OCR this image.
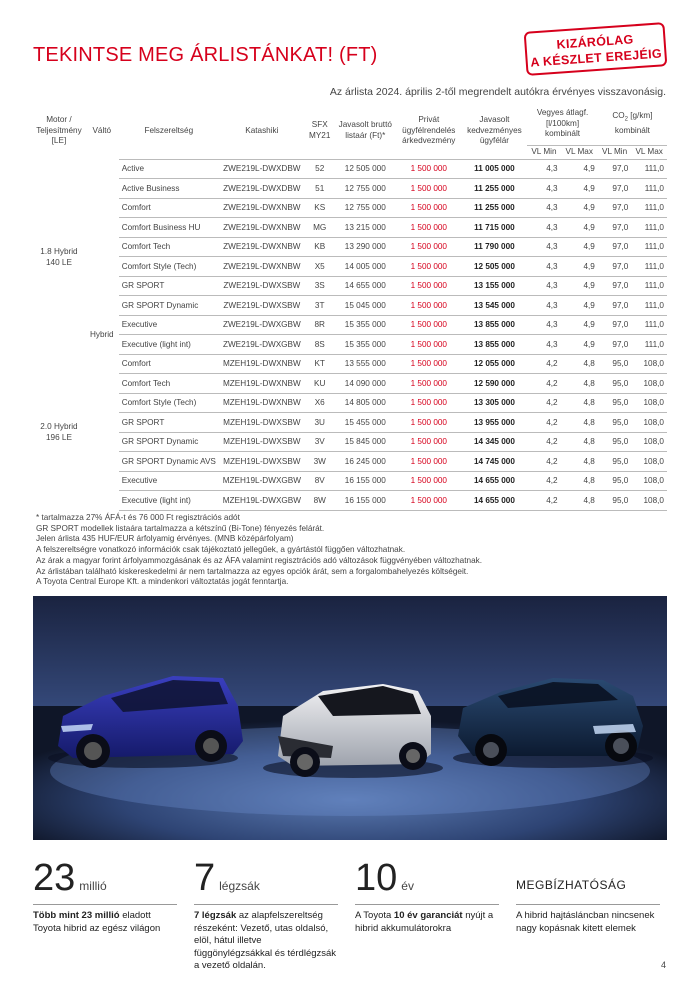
TEKINTSE MEG ÁRLISTÁNKAT! (FT)
KIZÁRÓLAG
A KÉSZLET EREJÉIG
Az árlista 2024. április 2-től megrendelt autókra érvényes visszavonásig.
Motor / Teljesítmény [LE]	Váltó	Felszereltség	Katashiki	SFX MY21	Javasolt bruttó listaár (Ft)*	Privát ügyfélrendelés árkedvezmény	Javasolt kedvezményes ügyfélár	Vegyes átlagf. [l/100km] kombinált		$CO_2$ [g/km] kombinált	
								VL Min	VL Max	VL Min	VL Max

1.8 Hybrid
140 LE	Hybrid	Active	ZWE219L-DWXDBW	52	12 505 000	1 500 000	11 005 000	4,3	4,9	97,0	111,0
		Active Business	ZWE219L-DWXDBW	51	12 755 000	1 500 000	11 255 000	4,3	4,9	97,0	111,0
		Comfort	ZWE219L-DWXNBW	KS	12 755 000	1 500 000	11 255 000	4,3	4,9	97,0	111,0
		Comfort Business HU	ZWE219L-DWXNBW	MG	13 215 000	1 500 000	11 715 000	4,3	4,9	97,0	111,0
		Comfort Tech	ZWE219L-DWXNBW	KB	13 290 000	1 500 000	11 790 000	4,3	4,9	97,0	111,0
		Comfort Style (Tech)	ZWE219L-DWXNBW	X5	14 005 000	1 500 000	12 505 000	4,3	4,9	97,0	111,0
		GR SPORT	ZWE219L-DWXSBW	3S	14 655 000	1 500 000	13 155 000	4,3	4,9	97,0	111,0
		GR SPORT Dynamic	ZWE219L-DWXSBW	3T	15 045 000	1 500 000	13 545 000	4,3	4,9	97,0	111,0
		Executive	ZWE219L-DWXGBW	8R	15 355 000	1 500 000	13 855 000	4,3	4,9	97,0	111,0
		Executive (light int)	ZWE219L-DWXGBW	8S	15 355 000	1 500 000	13 855 000	4,3	4,9	97,0	111,0

2.0 Hybrid
196 LE		Comfort	MZEH19L-DWXNBW	KT	13 555 000	1 500 000	12 055 000	4,2	4,8	95,0	108,0
		Comfort Tech	MZEH19L-DWXNBW	KU	14 090 000	1 500 000	12 590 000	4,2	4,8	95,0	108,0
		Comfort Style (Tech)	MZEH19L-DWXNBW	X6	14 805 000	1 500 000	13 305 000	4,2	4,8	95,0	108,0
		GR SPORT	MZEH19L-DWXSBW	3U	15 455 000	1 500 000	13 955 000	4,2	4,8	95,0	108,0
		GR SPORT Dynamic	MZEH19L-DWXSBW	3V	15 845 000	1 500 000	14 345 000	4,2	4,8	95,0	108,0
		GR SPORT Dynamic AVS	MZEH19L-DWXSBW	3W	16 245 000	1 500 000	14 745 000	4,2	4,8	95,0	108,0
		Executive	MZEH19L-DWXGBW	8V	16 155 000	1 500 000	14 655 000	4,2	4,8	95,0	108,0
		Executive (light int)	MZEH19L-DWXGBW	8W	16 155 000	1 500 000	14 655 000	4,2	4,8	95,0	108,0
* tartalmazza 27% ÁFÁ-t és 76 000 Ft regisztrációs adót
GR SPORT modellek listaára tartalmazza a kétszínű (Bi-Tone) fényezés felárát.
Jelen árlista 435 HUF/EUR árfolyamig érvényes. (MNB középárfolyam)
A felszereltségre vonatkozó információk csak tájékoztató jellegűek, a gyártástól függően változhatnak.
Az árak a magyar forint árfolyammozgásának és az ÁFA valamint regisztrációs adó változások függvényében változhatnak.
Az árlistában található kiskereskedelmi ár nem tartalmazza az egyes opciók árát, sem a forgalombahelyezés költségeit.
A Toyota Central Europe Kft. a mindenkori változtatás jogát fenntartja.
23 millió
Több mint 23 millió eladott Toyota hibrid az egész világon
7 légzsák
7 légzsák az alapfelszereltség részeként: Vezető, utas oldalsó, elöl, hátul illetve függönylégzsákkal és térdlégzsák a vezető oldalán.
10 év
A Toyota 10 év garanciát nyújt a hibrid akkumulátorokra
MEGBÍZHATÓSÁG
A hibrid hajtásláncban nincsenek nagy kopásnak kitett elemek
4
